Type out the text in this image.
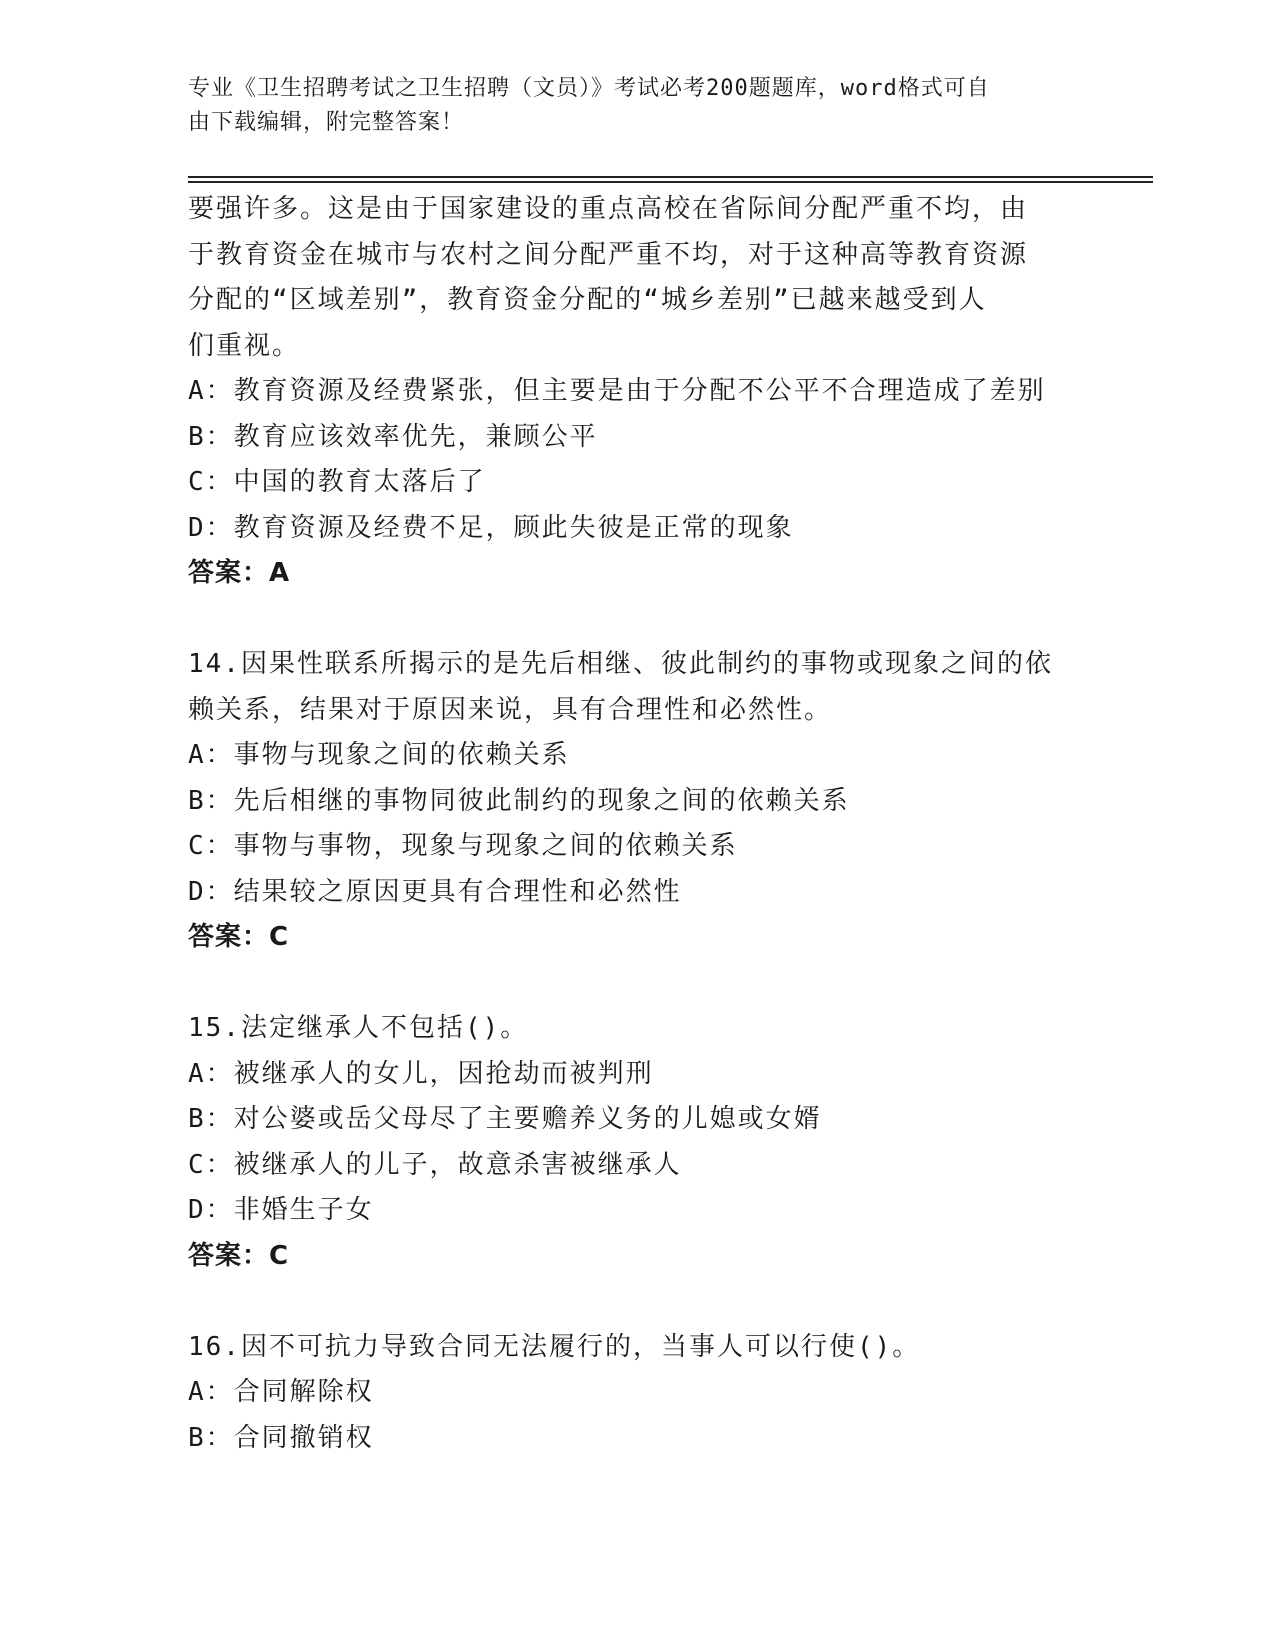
专业《卫生招聘考试之卫生招聘（文员）》考试必考200题题库，word格式可自
由下载编辑，附完整答案！

要强许多。这是由于国家建设的重点高校在省际间分配严重不均，由

于教育资金在城市与农村之间分配严重不均，对于这种高等教育资源

分配的“区域差别”，教育资金分配的“城乡差别”已越来越受到人

们重视。

A：教育资源及经费紧张，但主要是由于分配不公平不合理造成了差别

B：教育应该效率优先，兼顾公平

C：中国的教育太落后了

D：教育资源及经费不足，顾此失彼是正常的现象

答案：A

14.因果性联系所揭示的是先后相继、彼此制约的事物或现象之间的依

赖关系，结果对于原因来说，具有合理性和必然性。

A：事物与现象之间的依赖关系

B：先后相继的事物同彼此制约的现象之间的依赖关系

C：事物与事物，现象与现象之间的依赖关系

D：结果较之原因更具有合理性和必然性

答案：C

15.法定继承人不包括()。

A：被继承人的女儿，因抢劫而被判刑

B：对公婆或岳父母尽了主要赡养义务的儿媳或女婿

C：被继承人的儿子，故意杀害被继承人

D：非婚生子女

答案：C

16.因不可抗力导致合同无法履行的，当事人可以行使()。

A：合同解除权

B：合同撤销权
